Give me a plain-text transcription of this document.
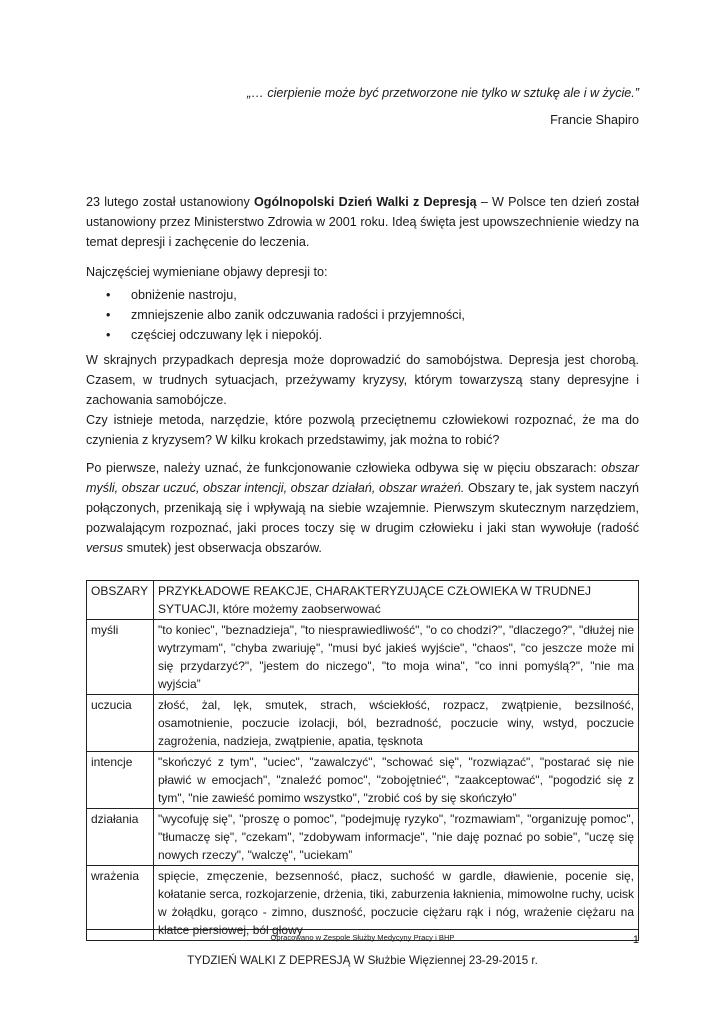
„… cierpienie może być przetworzone nie tylko w sztukę ale i w życie.”
Francie Shapiro

23 lutego został ustanowiony Ogólnopolski Dzień Walki z Depresją – W Polsce ten dzień został ustanowiony przez Ministerstwo Zdrowia w 2001 roku. Ideą święta jest upowszechnienie wiedzy na temat depresji i zachęcenie do leczenia.

Najczęściej wymieniane objawy depresji to:

• obniżenie nastroju,
• zmniejszenie albo zanik odczuwania radości i przyjemności,
• częściej odczuwany lęk i niepokój.

W skrajnych przypadkach depresja może doprowadzić do samobójstwa. Depresja jest chorobą. Czasem, w trudnych sytuacjach, przeżywamy kryzysy, którym towarzyszą stany depresyjne i zachowania samobójcze.

Czy istnieje metoda, narzędzie, które pozwolą przeciętnemu człowiekowi rozpoznać, że ma do czynienia z kryzysem? W kilku krokach przedstawimy, jak można to robić?

Po pierwsze, należy uznać, że funkcjonowanie człowieka odbywa się w pięciu obszarach: obszar myśli, obszar uczuć, obszar intencji, obszar działań, obszar wrażeń. Obszary te, jak system naczyń połączonych, przenikają się i wpływają na siebie wzajemnie. Pierwszym skutecznym narzędziem, pozwalającym rozpoznać, jaki proces toczy się w drugim człowieku i jaki stan wywołuje (radość versus smutek) jest obserwacja obszarów.

OBSZARY	PRZYKŁADOWE REAKCJE, CHARAKTERYZUJĄCE CZŁOWIEKA W TRUDNEJ SYTUACJI, które możemy zaobserwować
myśli	"to koniec", "beznadzieja", "to niesprawiedliwość", "o co chodzi?", "dlaczego?", "dłużej nie wytrzymam", "chyba zwariuję", "musi być jakieś wyjście", "chaos", "co jeszcze może mi się przydarzyć?", "jestem do niczego", "to moja wina", "co inni pomyślą?", "nie ma wyjścia”
uczucia	złość, żal, lęk, smutek, strach, wściekłość, rozpacz, zwątpienie, bezsilność, osamotnienie, poczucie izolacji, ból, bezradność, poczucie winy, wstyd, poczucie zagrożenia, nadzieja, zwątpienie, apatia, tęsknota
intencje	"skończyć z tym", "uciec", "zawalczyć", "schować się", "rozwiązać", "postarać się nie pławić w emocjach", "znaleźć pomoc", "zobojętnieć", "zaakceptować", "pogodzić się z tym", "nie zawieść pomimo wszystko", "zrobić coś by się skończyło”
działania	"wycofuję się", "proszę o pomoc", "podejmuję ryzyko", "rozmawiam", "organizuję pomoc", "tłumaczę się", "czekam", "zdobywam informacje", "nie daję poznać po sobie", "uczę się nowych rzeczy", "walczę", "uciekam”
wrażenia	spięcie, zmęczenie, bezsenność, płacz, suchość w gardle, dławienie, pocenie się, kołatanie serca, rozkojarzenie, drżenia, tiki, zaburzenia łaknienia, mimowolne ruchy, ucisk w żołądku, gorąco - zimno, duszność, poczucie ciężaru rąk i nóg, wrażenie ciężaru na klatce piersiowej, ból głowy
Opracowano w Zespole Służby Medycyny Pracy i BHP	1
TYDZIEŃ WALKI Z DEPRESJĄ W Służbie Więziennej 23-29-2015 r.
